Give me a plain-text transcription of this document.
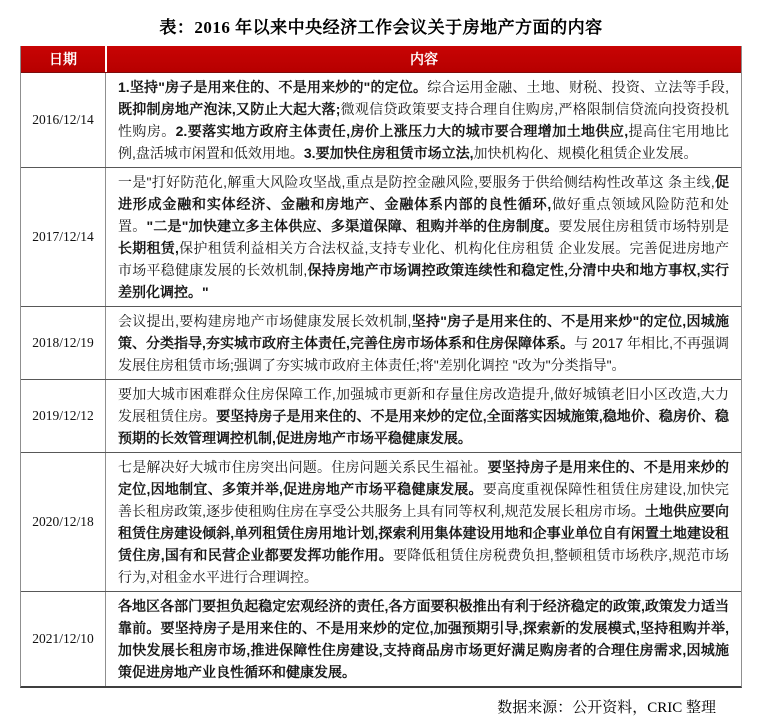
表：2016 年以来中央经济工作会议关于房地产方面的内容
日期	内容
2016/12/14
1.坚持"房子是用来住的、不是用来炒的"的定位。综合运用金融、土地、财税、投资、立法等手段,既抑制房地产泡沫,又防止大起大落;微观信贷政策要支持合理自住购房,严格限制信贷流向投资投机性购房。2.要落实地方政府主体责任,房价上涨压力大的城市要合理增加土地供应,提高住宅用地比例,盘活城市闲置和低效用地。3.要加快住房租赁市场立法,加快机构化、规模化租赁企业发展。
2017/12/14
一是"打好防范化,解重大风险攻坚战,重点是防控金融风险,要服务于供给侧结构性改革这 条主线,促进形成金融和实体经济、金融和房地产、金融体系内部的良性循环,做好重点领域风险防范和处置。"二是"加快建立多主体供应、多渠道保障、租购并举的住房制度。要发展住房租赁市场特别是长期租赁,保护租赁利益相关方合法权益,支持专业化、机构化住房租赁 企业发展。完善促进房地产市场平稳健康发展的长效机制,保持房地产市场调控政策连续性和稳定性,分清中央和地方事权,实行差别化调控。"
2018/12/19
会议提出,要构建房地产市场健康发展长效机制,坚持"房子是用来住的、不是用来炒"的定位,因城施策、分类指导,夯实城市政府主体责任,完善住房市场体系和住房保障体系。与 2017 年相比,不再强调发展住房租赁市场;强调了夯实城市政府主体责任;将"差别化调控 "改为"分类指导"。
2019/12/12
要加大城市困难群众住房保障工作,加强城市更新和存量住房改造提升,做好城镇老旧小区改造,大力发展租赁住房。要坚持房子是用来住的、不是用来炒的定位,全面落实因城施策,稳地价、稳房价、稳预期的长效管理调控机制,促进房地产市场平稳健康发展。
2020/12/18
七是解决好大城市住房突出问题。住房问题关系民生福祉。要坚持房子是用来住的、不是用来炒的定位,因地制宜、多策并举,促进房地产市场平稳健康发展。要高度重视保障性租赁住房建设,加快完善长租房政策,逐步使租购住房在享受公共服务上具有同等权利,规范发展长租房市场。土地供应要向租赁住房建设倾斜,单列租赁住房用地计划,探索利用集体建设用地和企事业单位自有闲置土地建设租赁住房,国有和民营企业都要发挥功能作用。要降低租赁住房税费负担,整顿租赁市场秩序,规范市场行为,对租金水平进行合理调控。
2021/12/10
各地区各部门要担负起稳定宏观经济的责任,各方面要积极推出有利于经济稳定的政策,政策发力适当靠前。要坚持房子是用来住的、不是用来炒的定位,加强预期引导,探索新的发展模式,坚持租购并举,加快发展长租房市场,推进保障性住房建设,支持商品房市场更好满足购房者的合理住房需求,因城施策促进房地产业良性循环和健康发展。
数据来源：公开资料，CRIC 整理
